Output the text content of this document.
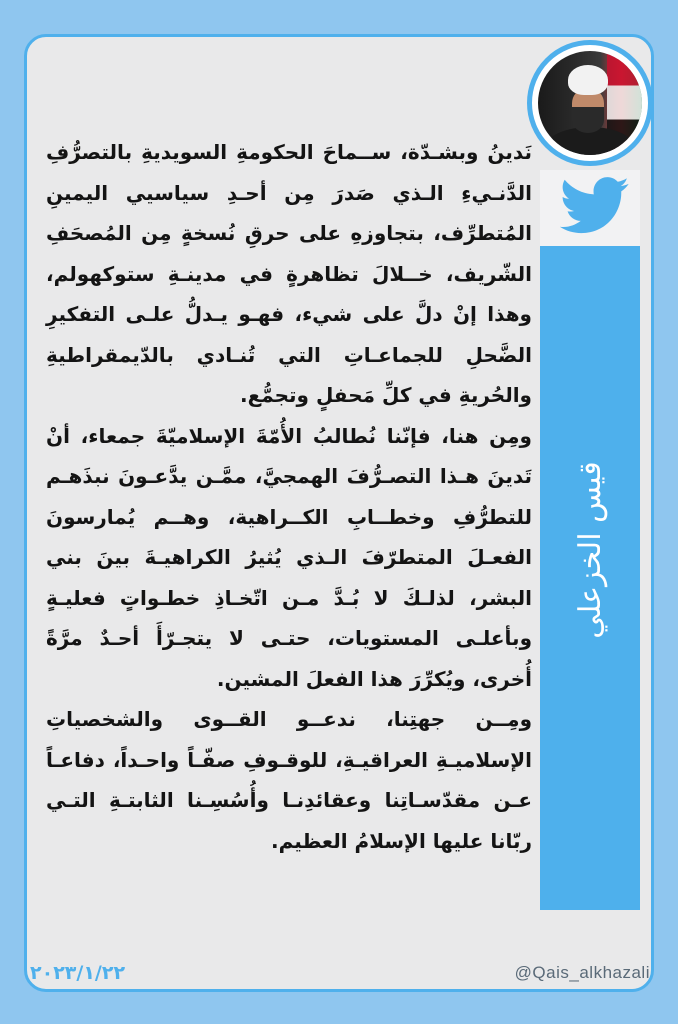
قيس الخزعلي

نَدينُ وبشـدّة، ســماحَ الحكومةِ السويديةِ بالتصرُّفِ الدَّنـيءِ الـذي صَدرَ مِن أحـدِ سياسيي اليمينِ المُتطرِّف، بتجاوزهِ على حرقِ نُسخةٍ مِن المُصحَفِ الشّريف، خــلالَ تظاهرةٍ في مدينـةِ ستوكهولم، وهذا إنْ دلَّ على شيء، فهـو يـدلُّ علـى التفكيرِ الضَّحلِ للجماعـاتِ التي تُنـادي بالدّيمقراطيةِ والحُريةِ في كلِّ مَحفلٍ وتجمُّع.

ومِن هنا، فإنّنا نُطالبُ الأُمّةَ الإسلاميّةَ جمعاء، أنْ تَدينَ هـذا التصـرُّفَ الهمجيَّ، ممَّـن يدَّعـونَ نبذَهـم للتطرُّفِ وخطــابِ الكــراهية، وهــم يُمارسونَ الفعـلَ المتطرّفَ الـذي يُثيرُ الكراهيـةَ بينَ بني البشر، لذلـكَ لا بُـدَّ مـن اتّخـاذِ خطـواتٍ فعليـةٍ وبأعلـى المستويات، حتـى لا يتجـرّأَ أحـدٌ مرَّةً أُخرى، ويُكرِّرَ هذا الفعلَ المشين.

ومِــن جهتِنا، ندعــو القــوى والشخصياتِ الإسلاميـةِ العراقيـةِ، للوقـوفِ صفّـاً واحـداً، دفاعـاً عـن مقدّسـاتِنا وعقائدِنـا وأُسُسِـنا الثابتـةِ التـي ربّانا عليها الإسلامُ العظيم.

٢٠٢٣/١/٢٢	@Qais_alkhazali
